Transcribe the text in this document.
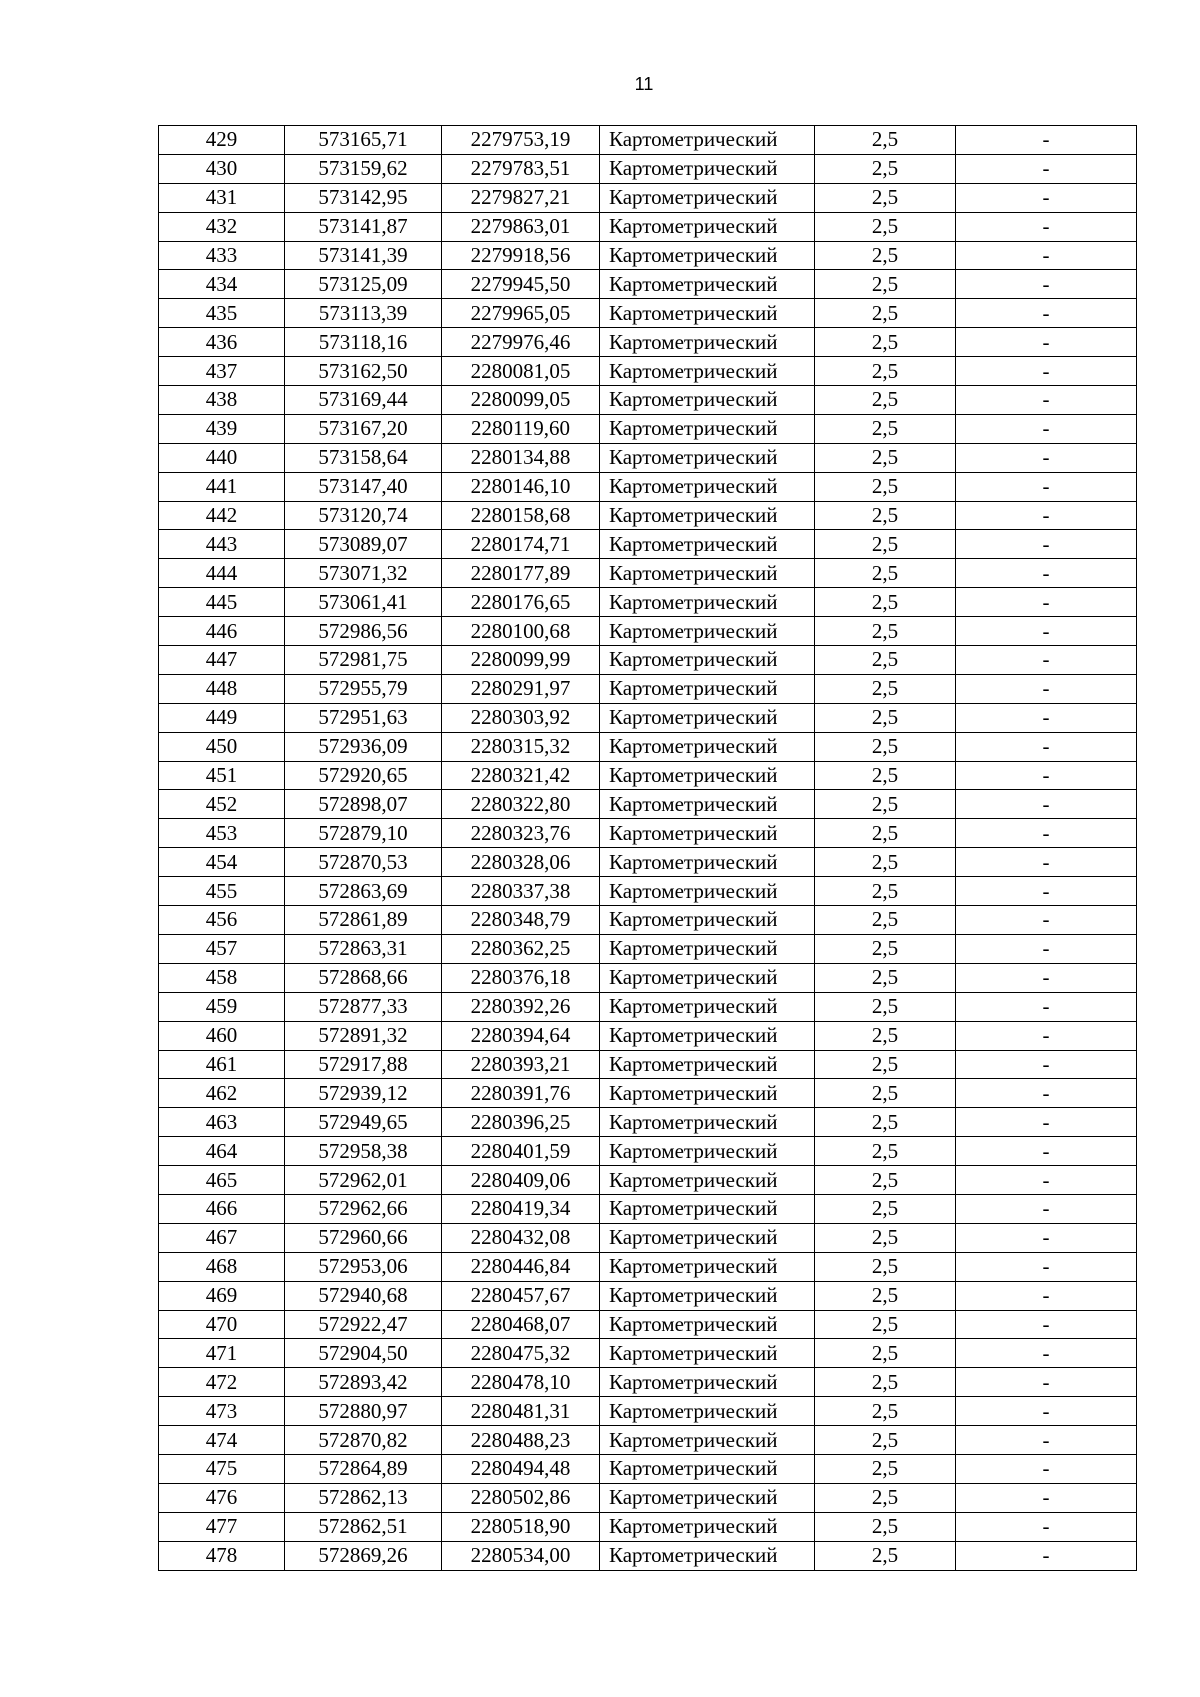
11
429	573165,71	2279753,19	Картометрический	2,5	-
430	573159,62	2279783,51	Картометрический	2,5	-
431	573142,95	2279827,21	Картометрический	2,5	-
432	573141,87	2279863,01	Картометрический	2,5	-
433	573141,39	2279918,56	Картометрический	2,5	-
434	573125,09	2279945,50	Картометрический	2,5	-
435	573113,39	2279965,05	Картометрический	2,5	-
436	573118,16	2279976,46	Картометрический	2,5	-
437	573162,50	2280081,05	Картометрический	2,5	-
438	573169,44	2280099,05	Картометрический	2,5	-
439	573167,20	2280119,60	Картометрический	2,5	-
440	573158,64	2280134,88	Картометрический	2,5	-
441	573147,40	2280146,10	Картометрический	2,5	-
442	573120,74	2280158,68	Картометрический	2,5	-
443	573089,07	2280174,71	Картометрический	2,5	-
444	573071,32	2280177,89	Картометрический	2,5	-
445	573061,41	2280176,65	Картометрический	2,5	-
446	572986,56	2280100,68	Картометрический	2,5	-
447	572981,75	2280099,99	Картометрический	2,5	-
448	572955,79	2280291,97	Картометрический	2,5	-
449	572951,63	2280303,92	Картометрический	2,5	-
450	572936,09	2280315,32	Картометрический	2,5	-
451	572920,65	2280321,42	Картометрический	2,5	-
452	572898,07	2280322,80	Картометрический	2,5	-
453	572879,10	2280323,76	Картометрический	2,5	-
454	572870,53	2280328,06	Картометрический	2,5	-
455	572863,69	2280337,38	Картометрический	2,5	-
456	572861,89	2280348,79	Картометрический	2,5	-
457	572863,31	2280362,25	Картометрический	2,5	-
458	572868,66	2280376,18	Картометрический	2,5	-
459	572877,33	2280392,26	Картометрический	2,5	-
460	572891,32	2280394,64	Картометрический	2,5	-
461	572917,88	2280393,21	Картометрический	2,5	-
462	572939,12	2280391,76	Картометрический	2,5	-
463	572949,65	2280396,25	Картометрический	2,5	-
464	572958,38	2280401,59	Картометрический	2,5	-
465	572962,01	2280409,06	Картометрический	2,5	-
466	572962,66	2280419,34	Картометрический	2,5	-
467	572960,66	2280432,08	Картометрический	2,5	-
468	572953,06	2280446,84	Картометрический	2,5	-
469	572940,68	2280457,67	Картометрический	2,5	-
470	572922,47	2280468,07	Картометрический	2,5	-
471	572904,50	2280475,32	Картометрический	2,5	-
472	572893,42	2280478,10	Картометрический	2,5	-
473	572880,97	2280481,31	Картометрический	2,5	-
474	572870,82	2280488,23	Картометрический	2,5	-
475	572864,89	2280494,48	Картометрический	2,5	-
476	572862,13	2280502,86	Картометрический	2,5	-
477	572862,51	2280518,90	Картометрический	2,5	-
478	572869,26	2280534,00	Картометрический	2,5	-
